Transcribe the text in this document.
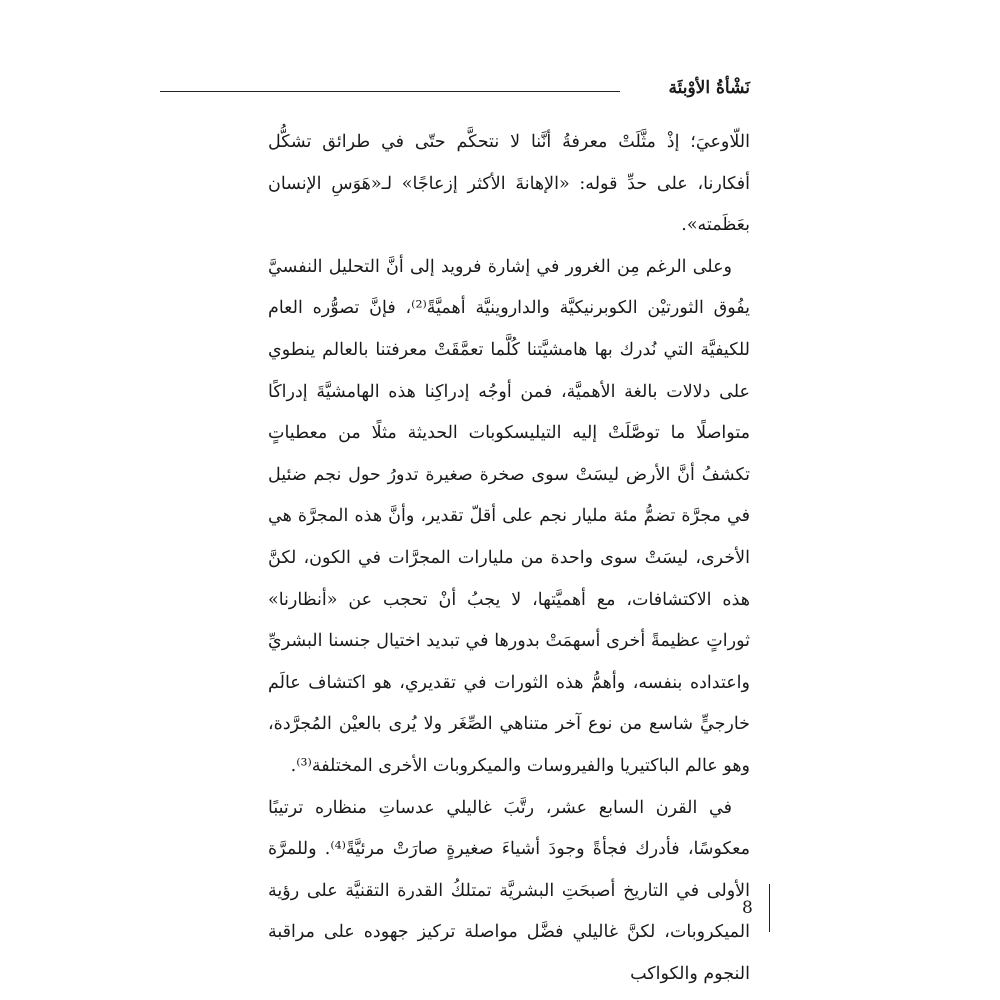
نَشْأةُ الأوْبئَة

اللّاوعيَ؛ إذْ مثَّلَتْ معرفةُ أنَّنا لا نتحكَّم حتّى في طرائق تشكُّل أفكارنا، على حدِّ قوله: «الإهانةَ الأكثر إزعاجًا» لـ«هَوَسِ الإنسان بعَظَمته».

وعلى الرغم مِن الغرور في إشارة فرويد إلى أنَّ التحليل النفسيَّ يفُوق الثورتيْن الكوبرنيكيَّة والداروينيَّة أهميَّةً⁽²⁾، فإنَّ تصوُّره العام للكيفيَّة التي نُدرك بها هامشيَّتنا كُلَّما تعمَّقَتْ معرفتنا بالعالم ينطوي على دلالات بالغة الأهميَّة، فمن أوجُه إدراكِنا هذه الهامشيَّةَ إدراكًا متواصلًا ما توصَّلَتْ إليه التيليسكوبات الحديثة مثلًا من معطياتٍ تكشفُ أنَّ الأرض ليسَتْ سوى صخرة صغيرة تدورُ حول نجم ضئيل في مجرَّة تضمُّ مئة مليار نجم على أقلّ تقدير، وأنَّ هذه المجرَّة هي الأخرى، ليسَتْ سوى واحدة من مليارات المجرَّات في الكون، لكنَّ هذه الاكتشافات، مع أهميَّتها، لا يجبُ أنْ تحجب عن «أنظارنا» ثوراتٍ عظيمةً أخرى أسهمَتْ بدورها في تبديد اختيال جنسنا البشريِّ واعتداده بنفسه، وأهمُّ هذه الثورات في تقديري، هو اكتشاف عالَم خارجيٍّ شاسع من نوع آخر متناهي الصِّغَر ولا يُرى بالعيْن المُجرَّدة، وهو عالم الباكتيريا والفيروسات والميكروبات الأخرى المختلفة⁽³⁾.

في القرن السابع عشر، رتَّبَ غاليلي عدساتِ منظاره ترتيبًا معكوسًا، فأدرك فجأةً وجودَ أشياءَ صغيرةٍ صارَتْ مرئيَّةً⁽⁴⁾. وللمرَّة الأولى في التاريخ أصبحَتِ البشريَّة تمتلكُ القدرة التقنيَّة على رؤية الميكروبات، لكنَّ غاليلي فضَّل مواصلة تركيز جهوده على مراقبة النجوم والكواكب

8
